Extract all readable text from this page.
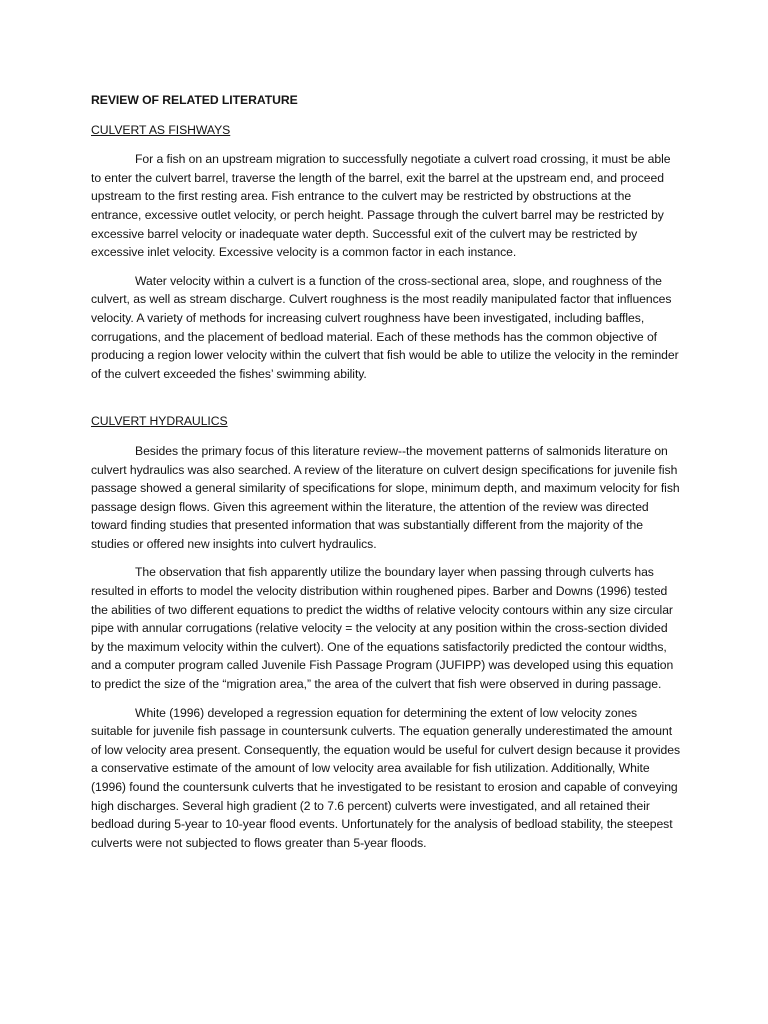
REVIEW OF RELATED LITERATURE
CULVERT AS FISHWAYS

For a fish on an upstream migration to successfully negotiate a culvert road crossing, it must be able to enter the culvert barrel, traverse the length of the barrel, exit the barrel at the upstream end, and proceed upstream to the first resting area. Fish entrance to the culvert may be restricted by obstructions at the entrance, excessive outlet velocity, or perch height. Passage through the culvert barrel may be restricted by excessive barrel velocity or inadequate water depth. Successful exit of the culvert may be restricted by excessive inlet velocity. Excessive velocity is a common factor in each instance.

Water velocity within a culvert is a function of the cross-sectional area, slope, and roughness of the culvert, as well as stream discharge. Culvert roughness is the most readily manipulated factor that influences velocity. A variety of methods for increasing culvert roughness have been investigated, including baffles, corrugations, and the placement of bedload material. Each of these methods has the common objective of producing a region lower velocity within the culvert that fish would be able to utilize the velocity in the reminder of the culvert exceeded the fishes’ swimming ability.

CULVERT HYDRAULICS

Besides the primary focus of this literature review--the movement patterns of salmonids literature on culvert hydraulics was also searched. A review of the literature on culvert design specifications for juvenile fish passage showed a general similarity of specifications for slope, minimum depth, and maximum velocity for fish passage design flows. Given this agreement within the literature, the attention of the review was directed toward finding studies that presented information that was substantially different from the majority of the studies or offered new insights into culvert hydraulics.

The observation that fish apparently utilize the boundary layer when passing through culverts has resulted in efforts to model the velocity distribution within roughened pipes. Barber and Downs (1996) tested the abilities of two different equations to predict the widths of relative velocity contours within any size circular pipe with annular corrugations (relative velocity = the velocity at any position within the cross-section divided by the maximum velocity within the culvert). One of the equations satisfactorily predicted the contour widths, and a computer program called Juvenile Fish Passage Program (JUFIPP) was developed using this equation to predict the size of the “migration area,” the area of the culvert that fish were observed in during passage.

White (1996) developed a regression equation for determining the extent of low velocity zones suitable for juvenile fish passage in countersunk culverts. The equation generally underestimated the amount of low velocity area present. Consequently, the equation would be useful for culvert design because it provides a conservative estimate of the amount of low velocity area available for fish utilization. Additionally, White (1996) found the countersunk culverts that he investigated to be resistant to erosion and capable of conveying high discharges. Several high gradient (2 to 7.6 percent) culverts were investigated, and all retained their bedload during 5-year to 10-year flood events. Unfortunately for the analysis of bedload stability, the steepest culverts were not subjected to flows greater than 5-year floods.
